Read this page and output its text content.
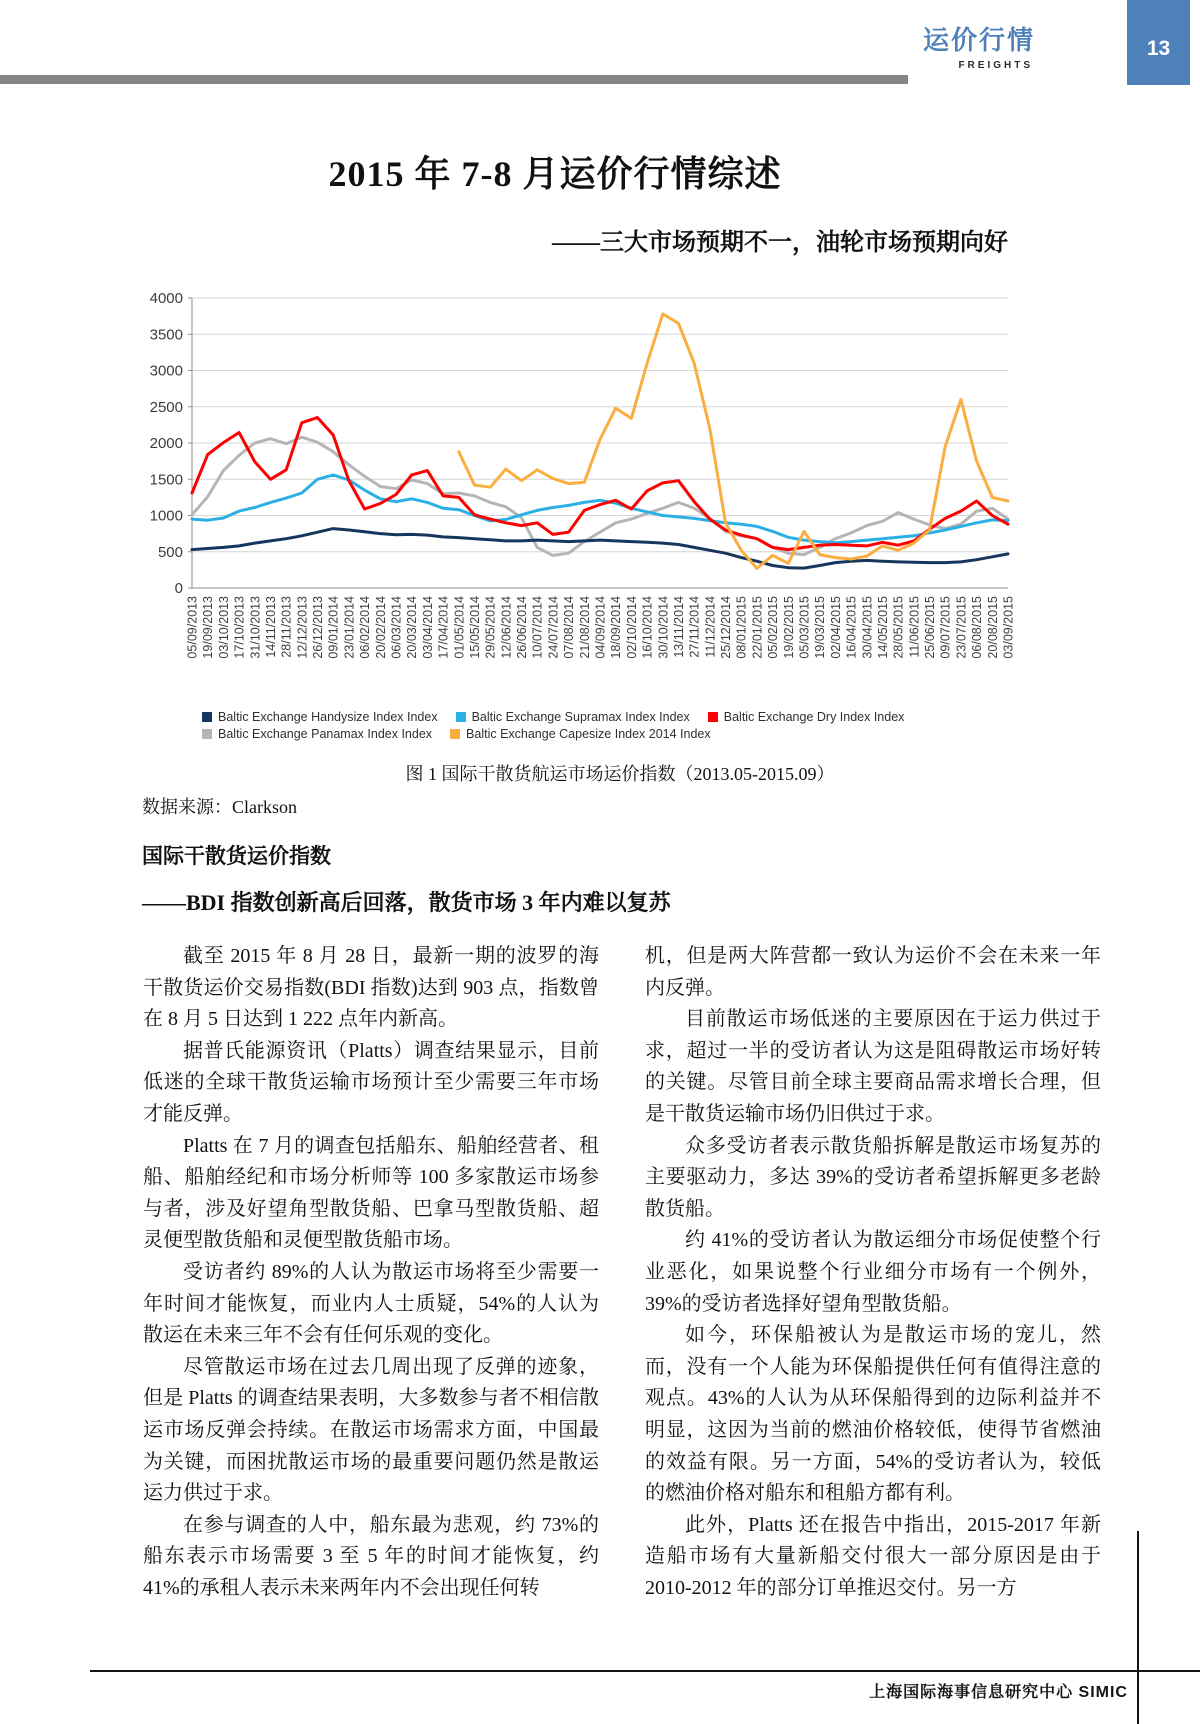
运价行情
FREIGHTS
13
2015 年 7-8 月运价行情综述
——三大市场预期不一，油轮市场预期向好
0
500
1000
1500
2000
2500
3000
3500
4000
05/09/2013 19/09/2013 03/10/2013 17/10/2013 31/10/2013 14/11/2013 28/11/2013 12/12/2013 26/12/2013 09/01/2014 23/01/2014 06/02/2014 20/02/2014 06/03/2014 20/03/2014 03/04/2014 17/04/2014 01/05/2014 15/05/2014 29/05/2014 12/06/2014 26/06/2014 10/07/2014 24/07/2014 07/08/2014 21/08/2014 04/09/2014 18/09/2014 02/10/2014 16/10/2014 30/10/2014 13/11/2014 27/11/2014 11/12/2014 25/12/2014 08/01/2015 22/01/2015 05/02/2015 19/02/2015 05/03/2015 19/03/2015 02/04/2015 16/04/2015 30/04/2015 14/05/2015 28/05/2015 11/06/2015 25/06/2015 09/07/2015 23/07/2015 06/08/2015 20/08/2015 03/09/2015
Baltic Exchange Handysize Index Index	Baltic Exchange Supramax Index Index	Baltic Exchange Dry Index Index
Baltic Exchange Panamax Index Index	Baltic Exchange Capesize Index 2014 Index
图 1 国际干散货航运市场运价指数（2013.05-2015.09）
数据来源：Clarkson
国际干散货运价指数
——BDI 指数创新高后回落，散货市场 3 年内难以复苏

截至 2015 年 8 月 28 日，最新一期的波罗的海干散货运价交易指数(BDI 指数)达到 903 点，指数曾在 8 月 5 日达到 1 222 点年内新高。

据普氏能源资讯（Platts）调查结果显示，目前低迷的全球干散货运输市场预计至少需要三年市场才能反弹。

Platts 在 7 月的调查包括船东、船舶经营者、租船、船舶经纪和市场分析师等 100 多家散运市场参与者，涉及好望角型散货船、巴拿马型散货船、超灵便型散货船和灵便型散货船市场。

受访者约 89%的人认为散运市场将至少需要一年时间才能恢复，而业内人士质疑，54%的人认为散运在未来三年不会有任何乐观的变化。

尽管散运市场在过去几周出现了反弹的迹象，但是 Platts 的调查结果表明，大多数参与者不相信散运市场反弹会持续。在散运市场需求方面，中国最为关键，而困扰散运市场的最重要问题仍然是散运运力供过于求。

在参与调查的人中，船东最为悲观，约 73%的船东表示市场需要 3 至 5 年的时间才能恢复，约 41%的承租人表示未来两年内不会出现任何转

机，但是两大阵营都一致认为运价不会在未来一年内反弹。

目前散运市场低迷的主要原因在于运力供过于求，超过一半的受访者认为这是阻碍散运市场好转的关键。尽管目前全球主要商品需求增长合理，但是干散货运输市场仍旧供过于求。

众多受访者表示散货船拆解是散运市场复苏的主要驱动力，多达 39%的受访者希望拆解更多老龄散货船。

约 41%的受访者认为散运细分市场促使整个行业恶化，如果说整个行业细分市场有一个例外，39%的受访者选择好望角型散货船。

如今，环保船被认为是散运市场的宠儿，然而，没有一个人能为环保船提供任何有值得注意的观点。43%的人认为从环保船得到的边际利益并不明显，这因为当前的燃油价格较低，使得节省燃油的效益有限。另一方面，54%的受访者认为，较低的燃油价格对船东和租船方都有利。

此外，Platts 还在报告中指出，2015-2017 年新造船市场有大量新船交付很大一部分原因是由于 2010-2012 年的部分订单推迟交付。另一方

上海国际海事信息研究中心 SIMIC
